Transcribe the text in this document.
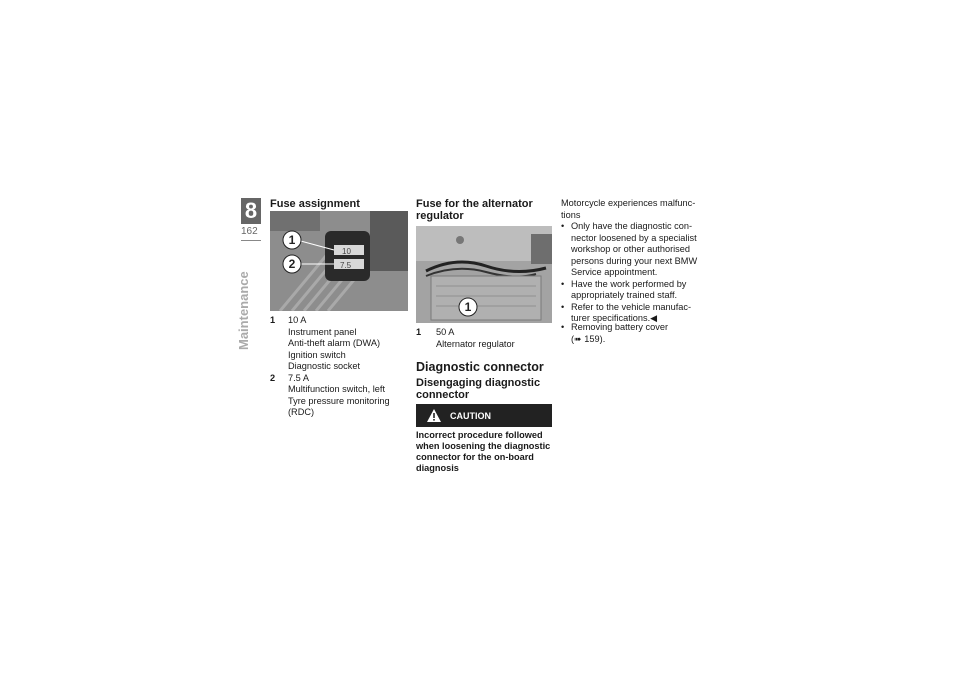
8
162
Maintenance
Fuse assignment
10
7.5
1
2
1 10 A
Instrument panel
Anti-theft alarm (DWA)
Ignition switch
Diagnostic socket
2 7.5 A
Multifunction switch, left
Tyre pressure monitoring
(RDC)
Fuse for the alternator regulator
1
1 50 A
Alternator regulator
Diagnostic connector
Disengaging diagnostic connector
CAUTION
Incorrect procedure followed when loosening the diagnostic connector for the on-board diagnosis
Motorcycle experiences malfunc-tions
• Only have the diagnostic con-nector loosened by a specialist workshop or other authorised persons during your next BMW Service appointment.
• Have the work performed by appropriately trained staff.
• Refer to the vehicle manufac-turer specifications.◀
• Removing battery cover
(➠ 159).
